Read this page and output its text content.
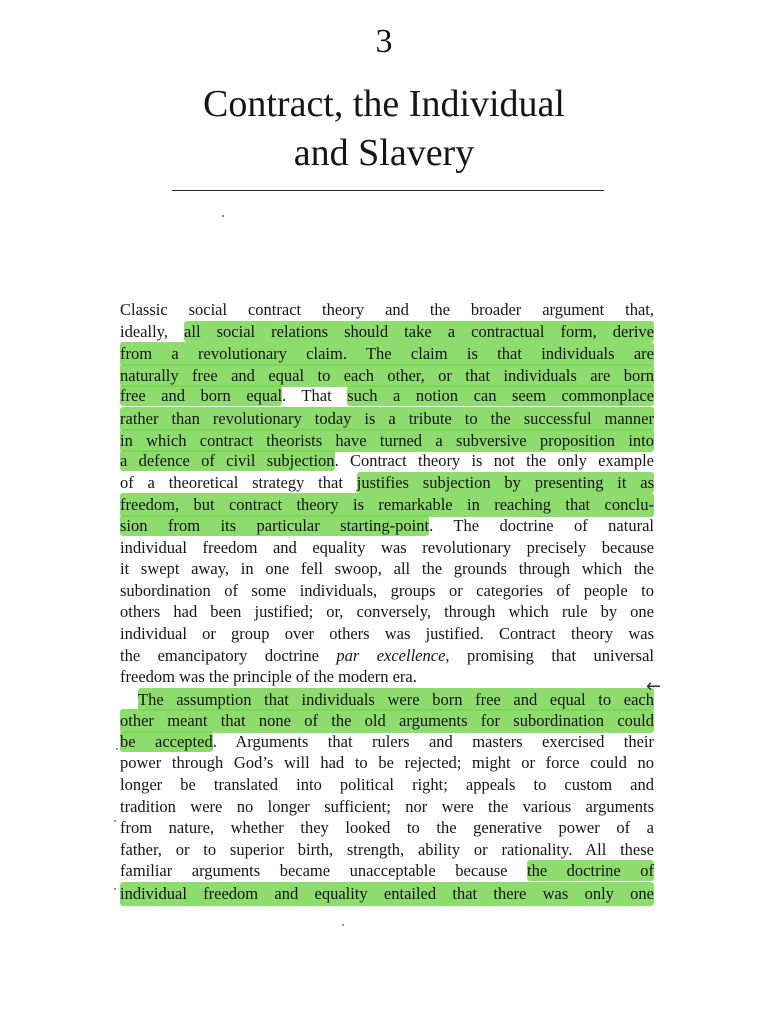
3
Contract, the Individual
and Slavery
Classic social contract theory and the broader argument that,
ideally, all social relations should take a contractual form, derive
from a revolutionary claim. The claim is that individuals are
naturally free and equal to each other, or that individuals are born
free and born equal. That such a notion can seem commonplace
rather than revolutionary today is a tribute to the successful manner
in which contract theorists have turned a subversive proposition into
a defence of civil subjection. Contract theory is not the only example
of a theoretical strategy that justifies subjection by presenting it as
freedom, but contract theory is remarkable in reaching that conclu-
sion from its particular starting-point. The doctrine of natural
individual freedom and equality was revolutionary precisely because
it swept away, in one fell swoop, all the grounds through which the
subordination of some individuals, groups or categories of people to
others had been justified; or, conversely, through which rule by one
individual or group over others was justified. Contract theory was
the emancipatory doctrine par excellence, promising that universal
freedom was the principle of the modern era.
The assumption that individuals were born free and equal to each
other meant that none of the old arguments for subordination could
be accepted. Arguments that rulers and masters exercised their
power through God’s will had to be rejected; might or force could no
longer be translated into political right; appeals to custom and
tradition were no longer sufficient; nor were the various arguments
from nature, whether they looked to the generative power of a
father, or to superior birth, strength, ability or rationality. All these
familiar arguments became unacceptable because the doctrine of
individual freedom and equality entailed that there was only one
←
